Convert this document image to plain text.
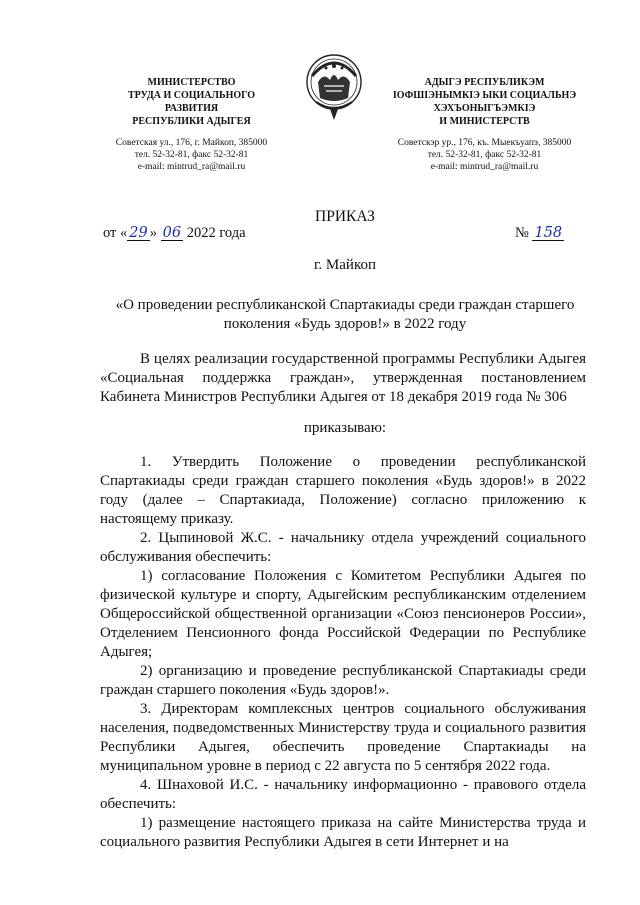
МИНИСТЕРСТВО
ТРУДА И СОЦИАЛЬНОГО
РАЗВИТИЯ
РЕСПУБЛИКИ АДЫГЕЯ
АДЫГЭ РЕСПУБЛИКЭМ
ІОФШІЭНЫМКІЭ ЫКИ СОЦИАЛЬНЭ
ХЭХЪОНЫГЪЭМКІЭ
И МИНИСТЕРСТВ
Советская ул., 176, г. Майкоп, 385000
тел. 52-32-81, факс 52-32-81
e-mail: mintrud_ra@mail.ru
Советскэр ур., 176, къ. Мыекъуапэ, 385000
тел. 52-32-81, факс 52-32-81
e-mail: mintrud_ra@mail.ru
ПРИКАЗ
от « 29 » 06 2022 года	№ 158
г. Майкоп
«О проведении республиканской Спартакиады среди граждан старшего поколения «Будь здоров!» в 2022 году

В целях реализации государственной программы Республики Адыгея «Социальная поддержка граждан», утвержденная постановлением Кабинета Министров Республики Адыгея от 18 декабря 2019 года № 306

приказываю:

1. Утвердить Положение о проведении республиканской Спартакиады среди граждан старшего поколения «Будь здоров!» в 2022 году (далее – Спартакиада, Положение) согласно приложению к настоящему приказу.

2. Цыпиновой Ж.С. - начальнику отдела учреждений социального обслуживания обеспечить:

1) согласование Положения с Комитетом Республики Адыгея по физической культуре и спорту, Адыгейским республиканским отделением Общероссийской общественной организации «Союз пенсионеров России», Отделением Пенсионного фонда Российской Федерации по Республике Адыгея;

2) организацию и проведение республиканской Спартакиады среди граждан старшего поколения «Будь здоров!».

3. Директорам комплексных центров социального обслуживания населения, подведомственных Министерству труда и социального развития Республики Адыгея, обеспечить проведение Спартакиады на муниципальном уровне в период с 22 августа по 5 сентября 2022 года.

4. Шнаховой И.С. - начальнику информационно - правового отдела обеспечить:

1) размещение настоящего приказа на сайте Министерства труда и социального развития Республики Адыгея в сети Интернет и на
